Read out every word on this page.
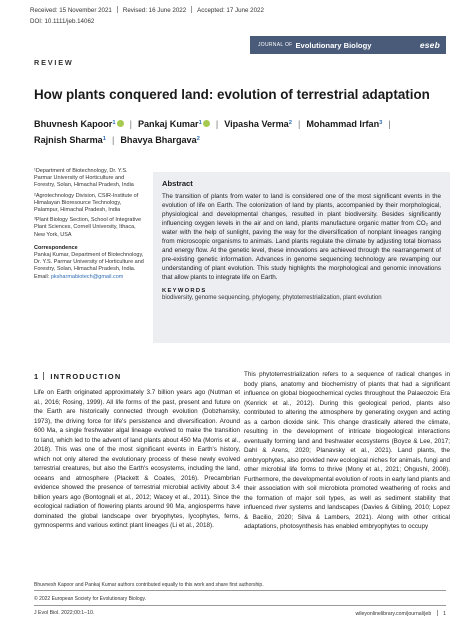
Received: 15 November 2021 Revised: 16 June 2022 Accepted: 17 June 2022
DOI: 10.1111/jeb.14062
JOURNAL OF Evolutionary Biology	eseb
REVIEW
How plants conquered land: evolution of terrestrial adaptation
Bhuvnesh Kapoor$^1$ | Pankaj Kumar$^1$ | Vipasha Verma$^2$ | Mohammad Irfan$^3$ |
Rajnish Sharma$^1$ | Bhavya Bhargava$^2$

¹Department of Biotechnology, Dr. Y.S. Parmar University of Horticulture and Forestry, Solan, Himachal Pradesh, India

²Agrotechnology Division, CSIR-Institute of Himalayan Bioresource Technology, Palampur, Himachal Pradesh, India

³Plant Biology Section, School of Integrative Plant Sciences, Cornell University, Ithaca, New York, USA

Correspondence

Pankaj Kumar, Department of Biotechnology, Dr. Y.S. Parmar University of Horticulture and Forestry, Solan, Himachal Pradesh, India.

Email: pksharmabiotech@gmail.com

Abstract

The transition of plants from water to land is considered one of the most significant events in the evolution of life on Earth. The colonization of land by plants, accompanied by their morphological, physiological and developmental changes, resulted in plant biodiversity. Besides significantly influencing oxygen levels in the air and on land, plants manufacture organic matter from CO₂ and water with the help of sunlight, paving the way for the diversification of nonplant lineages ranging from microscopic organisms to animals. Land plants regulate the climate by adjusting total biomass and energy flow. At the genetic level, these innovations are achieved through the rearrangement of pre-existing genetic information. Advances in genome sequencing technology are revamping our understanding of plant evolution. This study highlights the morphological and genomic innovations that allow plants to integrate life on Earth.

KEYWORDS
biodiversity, genome sequencing, phylogeny, phytoterrestrialization, plant evolution
1 INTRODUCTION

Life on Earth originated approximately 3.7 billion years ago (Nutman et al., 2016; Rosing, 1999). All life forms of the past, present and future on the Earth are historically connected through evolution (Dobzhansky, 1973), the driving force for life's persistence and diversification. Around 600 Ma, a single freshwater algal lineage evolved to make the transition to land, which led to the advent of land plants about 450 Ma (Morris et al., 2018). This was one of the most significant events in Earth's history, which not only altered the evolutionary process of these newly evolved terrestrial creatures, but also the Earth's ecosystems, including the land, oceans and atmosphere (Plackett & Coates, 2016). Precambrian evidence showed the presence of terrestrial microbial activity about 3.4 billion years ago (Bontognali et al., 2012; Wacey et al., 2011). Since the ecological radiation of flowering plants around 90 Ma, angiosperms have dominated the global landscape over bryophytes, lycophytes, ferns, gymnosperms and various extinct plant lineages (Li et al., 2018).

This phytoterrestrialization refers to a sequence of radical changes in body plans, anatomy and biochemistry of plants that had a significant influence on global biogeochemical cycles throughout the Palaeozoic Era (Kenrick et al., 2012). During this geological period, plants also contributed to altering the atmosphere by generating oxygen and acting as a carbon dioxide sink. This change drastically altered the climate, resulting in the development of intricate biogeological interactions eventually forming land and freshwater ecosystems (Boyce & Lee, 2017; Dahl & Arens, 2020; Planavsky et al., 2021). Land plants, the embryophytes, also provided new ecological niches for animals, fungi and other microbial life forms to thrive (Mony et al., 2021; Ohgushi, 2008). Furthermore, the developmental evolution of roots in early land plants and their association with soil microbiota promoted weathering of rocks and the formation of major soil types, as well as sediment stability that influenced river systems and landscapes (Davies & Gibling, 2010; Lopez & Bacilio, 2020; Silva & Lambers, 2021). Along with other critical adaptations, photosynthesis has enabled embryophytes to occupy

Bhuvnesh Kapoor and Pankaj Kumar authors contributed equally to this work and share first authorship.
© 2022 European Society for Evolutionary Biology.
J Evol Biol. 2022;00:1–10.	wileyonlinelibrary.com/journal/jeb 1
